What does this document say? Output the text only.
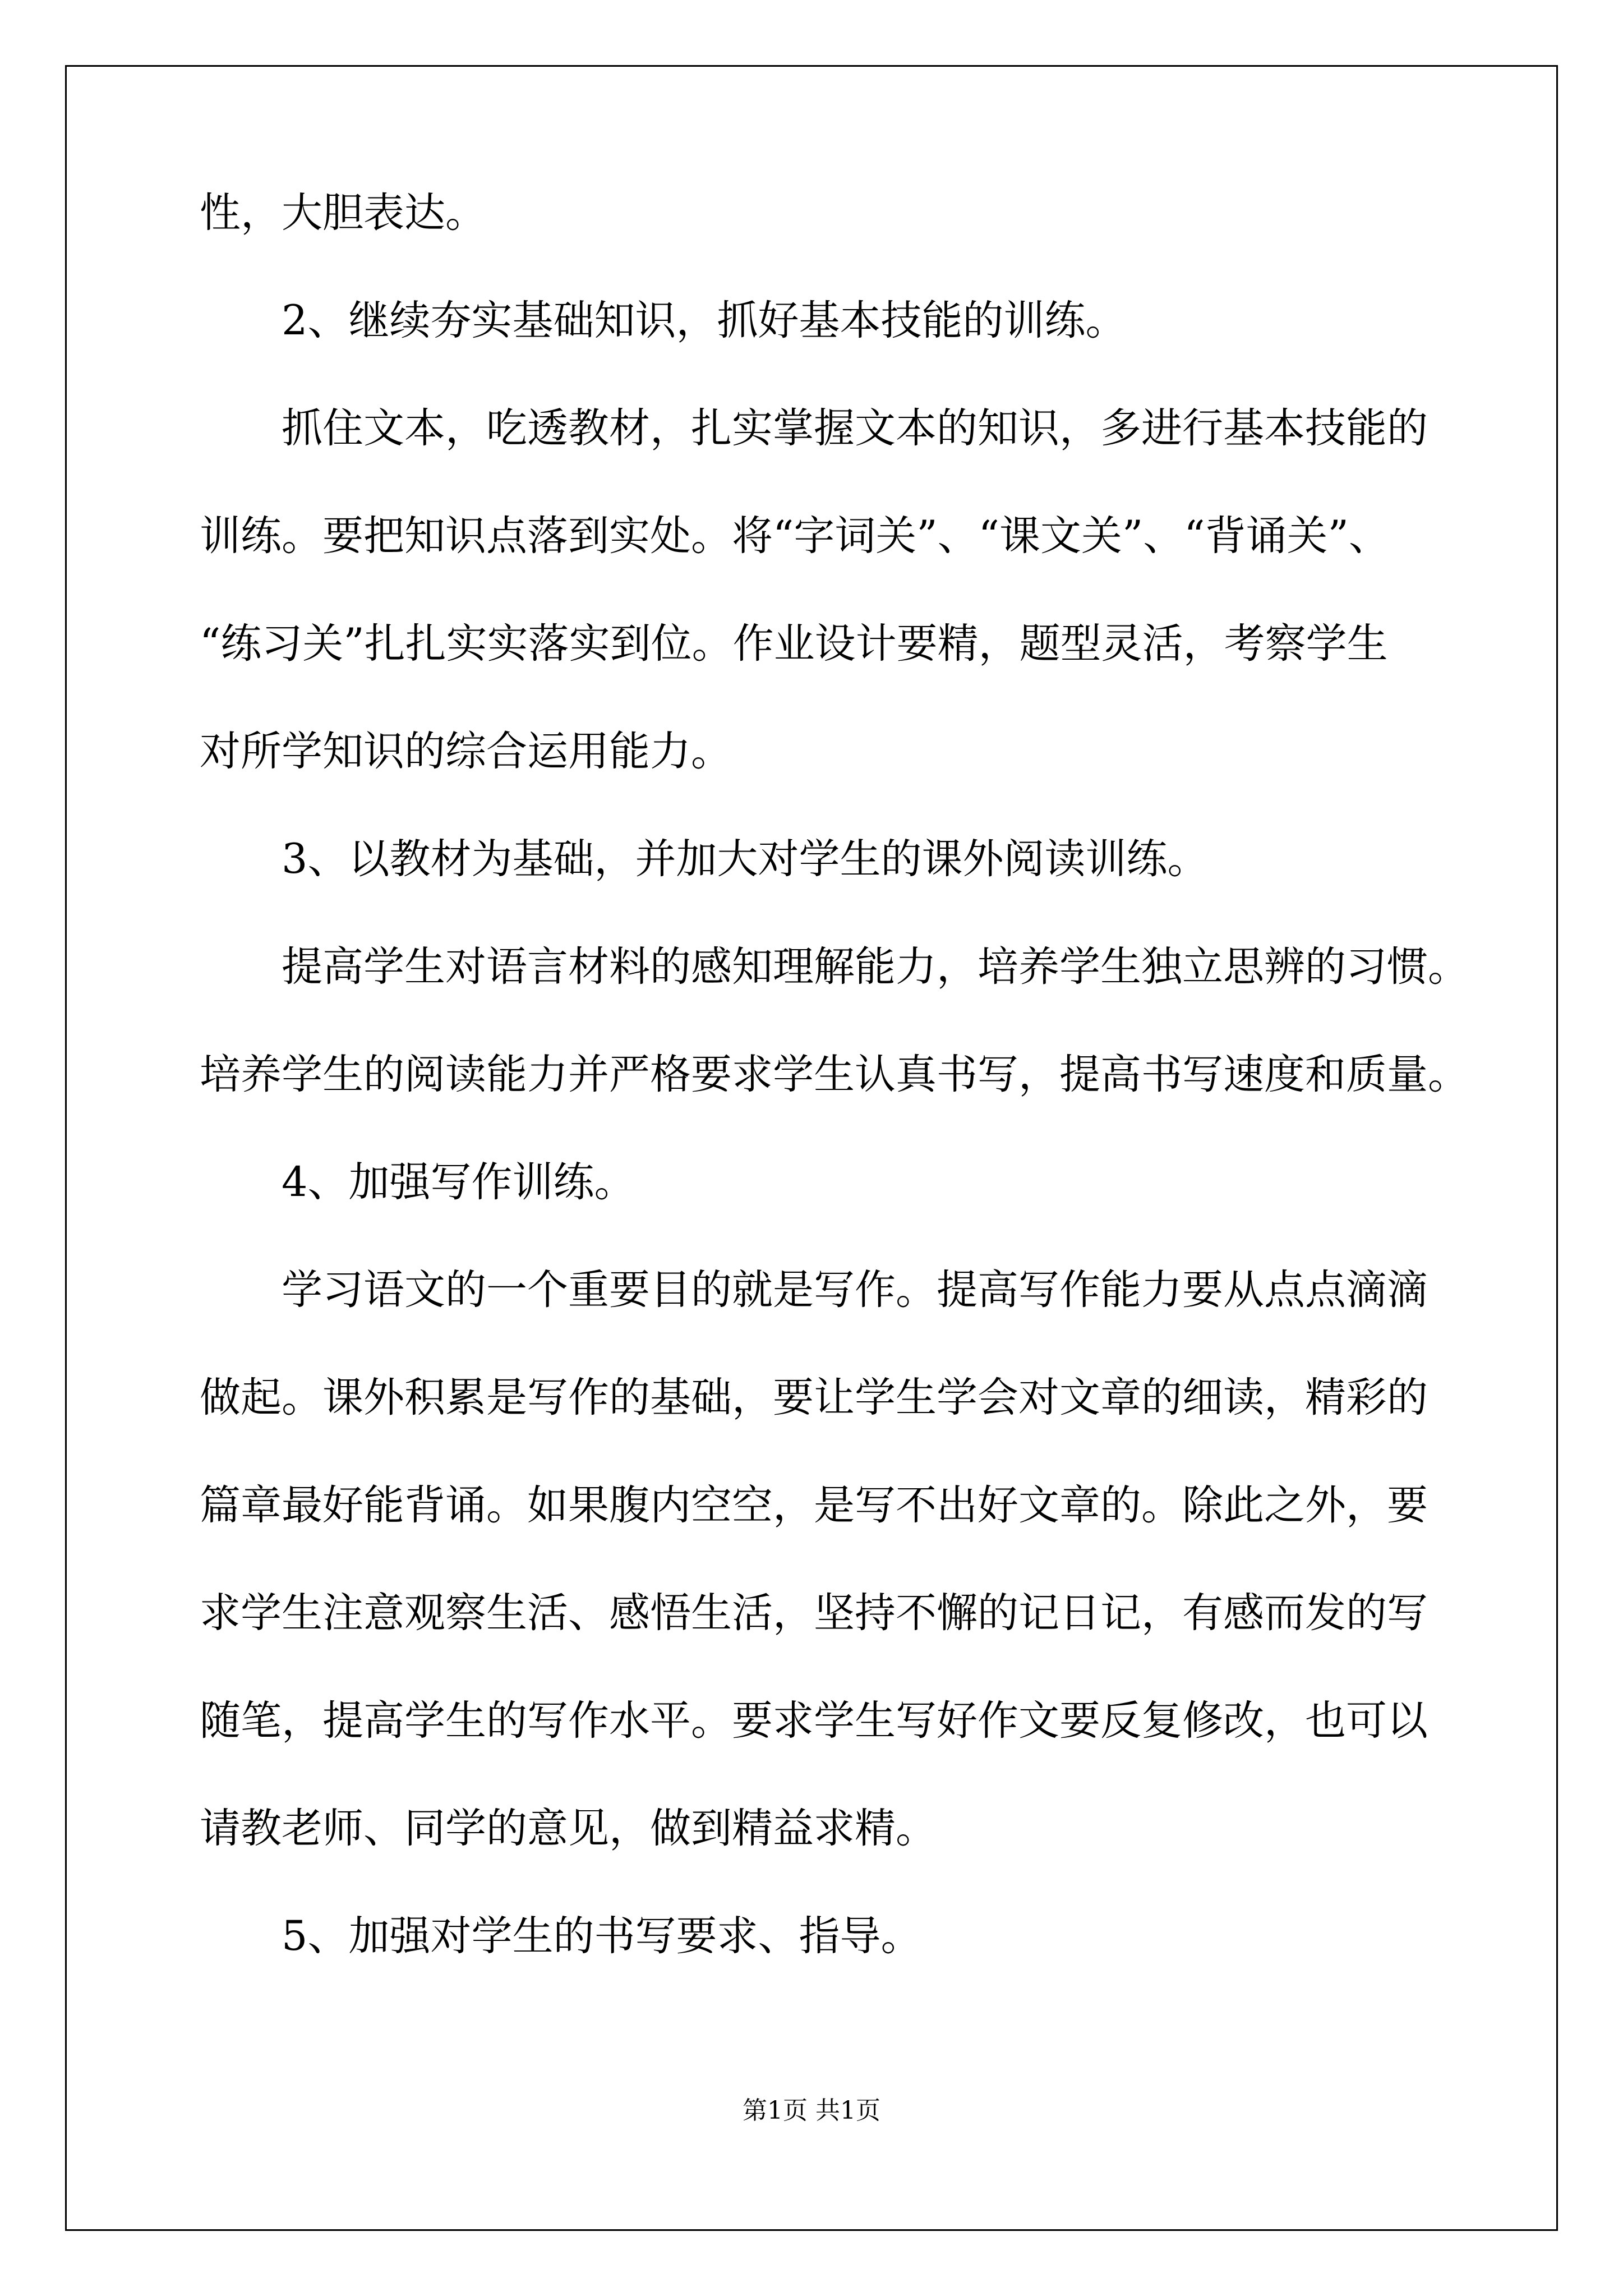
性，大胆表达。
2、继续夯实基础知识，抓好基本技能的训练。
抓住文本，吃透教材，扎实掌握文本的知识，多进行基本技能的
训练。要把知识点落到实处。将“字词关”、“课文关”、“背诵关”、
“练习关”扎扎实实落实到位。作业设计要精，题型灵活，考察学生
对所学知识的综合运用能力。
3、以教材为基础，并加大对学生的课外阅读训练。
提高学生对语言材料的感知理解能力，培养学生独立思辨的习惯。
培养学生的阅读能力并严格要求学生认真书写，提高书写速度和质量。
4、加强写作训练。
学习语文的一个重要目的就是写作。提高写作能力要从点点滴滴
做起。课外积累是写作的基础，要让学生学会对文章的细读，精彩的
篇章最好能背诵。如果腹内空空，是写不出好文章的。除此之外，要
求学生注意观察生活、感悟生活，坚持不懈的记日记，有感而发的写
随笔，提高学生的写作水平。要求学生写好作文要反复修改，也可以
请教老师、同学的意见，做到精益求精。
5、加强对学生的书写要求、指导。
第1页 共1页
